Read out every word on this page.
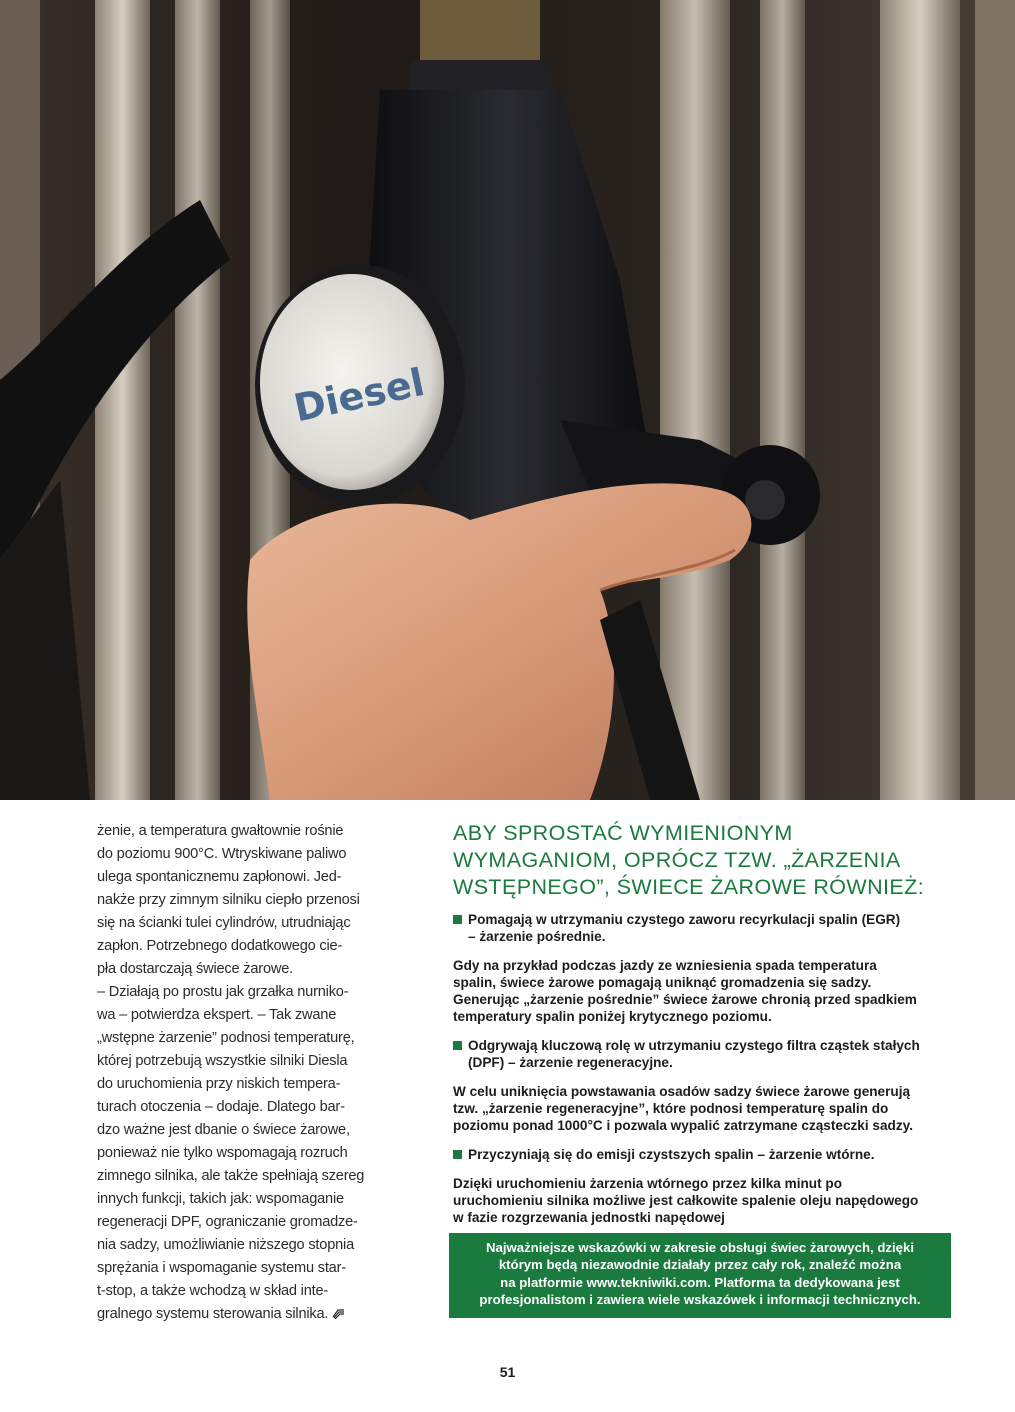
Diesel

żenie, a temperatura gwałtownie rośnie

do poziomu 900°C. Wtryskiwane paliwo

ulega spontanicznemu zapłonowi. Jed-

nakże przy zimnym silniku ciepło przenosi

się na ścianki tulei cylindrów, utrudniając

zapłon. Potrzebnego dodatkowego cie-

pła dostarczają świece żarowe.

– Działają po prostu jak grzałka nurniko-

wa – potwierdza ekspert. – Tak zwane

„wstępne żarzenie” podnosi temperaturę,

której potrzebują wszystkie silniki Diesla

do uruchomienia przy niskich tempera-

turach otoczenia – dodaje. Dlatego bar-

dzo ważne jest dbanie o świece żarowe,

ponieważ nie tylko wspomagają rozruch

zimnego silnika, ale także spełniają szereg

innych funkcji, takich jak: wspomaganie

regeneracji DPF, ograniczanie gromadze-

nia sadzy, umożliwianie niższego stopnia

sprężania i wspomaganie systemu star-

t-stop, a także wchodzą w skład inte-

gralnego systemu sterowania silnika.

ABY SPROSTAĆ WYMIENIONYM
WYMAGANIOM, OPRÓCZ TZW. „ŻARZENIA
WSTĘPNEGO”, ŚWIECE ŻAROWE RÓWNIEŻ:
Pomagają w utrzymaniu czystego zaworu recyrkulacji spalin (EGR)
– żarzenie pośrednie.
Gdy na przykład podczas jazdy ze wzniesienia spada temperatura
spalin, świece żarowe pomagają uniknąć gromadzenia się sadzy.
Generując „żarzenie pośrednie” świece żarowe chronią przed spadkiem
temperatury spalin poniżej krytycznego poziomu.
Odgrywają kluczową rolę w utrzymaniu czystego filtra cząstek stałych
(DPF) – żarzenie regeneracyjne.
W celu uniknięcia powstawania osadów sadzy świece żarowe generują
tzw. „żarzenie regeneracyjne”, które podnosi temperaturę spalin do
poziomu ponad 1000°C i pozwala wypalić zatrzymane cząsteczki sadzy.
Przyczyniają się do emisji czystszych spalin – żarzenie wtórne.
Dzięki uruchomieniu żarzenia wtórnego przez kilka minut po
uruchomieniu silnika możliwe jest całkowite spalenie oleju napędowego
w fazie rozgrzewania jednostki napędowej
Najważniejsze wskazówki w zakresie obsługi świec żarowych, dzięki
którym będą niezawodnie działały przez cały rok, znaleźć można
na platformie www.tekniwiki.com. Platforma ta dedykowana jest
profesjonalistom i zawiera wiele wskazówek i informacji technicznych.
51
